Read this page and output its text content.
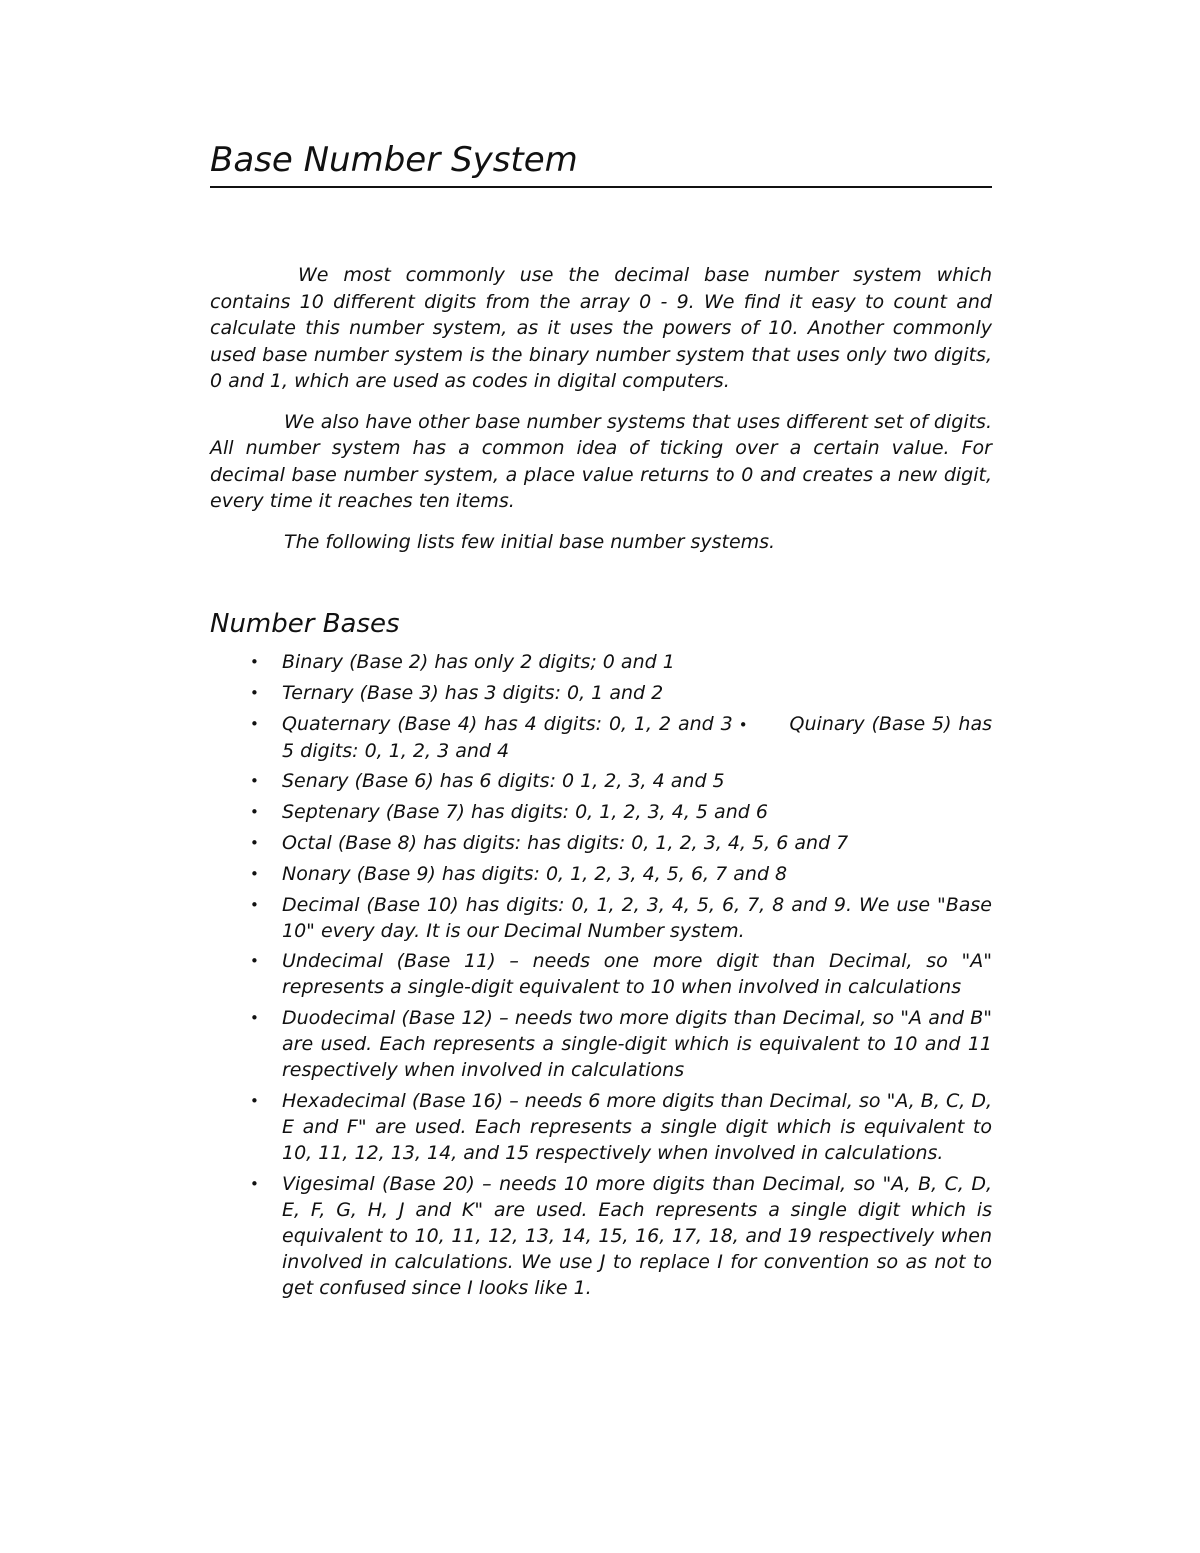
Base Number System

We most commonly use the decimal base number system which contains 10 different digits from the array 0 - 9. We find it easy to count and calculate this number system, as it uses the powers of 10. Another commonly used base number system is the binary number system that uses only two digits, 0 and 1, which are used as codes in digital computers.

We also have other base number systems that uses different set of digits. All number system has a common idea of ticking over a certain value. For decimal base number system, a place value returns to 0 and creates a new digit, every time it reaches ten items.

The following lists few initial base number systems.

Number Bases
• Binary (Base 2) has only 2 digits; 0 and 1
• Ternary (Base 3) has 3 digits: 0, 1 and 2
• Quaternary (Base 4) has 4 digits: 0, 1, 2 and 3 • Quinary (Base 5) has 5 digits: 0, 1, 2, 3 and 4
• Senary (Base 6) has 6 digits: 0 1, 2, 3, 4 and 5
• Septenary (Base 7) has digits: 0, 1, 2, 3, 4, 5 and 6
• Octal (Base 8) has digits: has digits: 0, 1, 2, 3, 4, 5, 6 and 7
• Nonary (Base 9) has digits: 0, 1, 2, 3, 4, 5, 6, 7 and 8
• Decimal (Base 10) has digits: 0, 1, 2, 3, 4, 5, 6, 7, 8 and 9. We use "Base 10" every day. It is our Decimal Number system.
• Undecimal (Base 11) – needs one more digit than Decimal, so "A" represents a single-digit equivalent to 10 when involved in calculations
• Duodecimal (Base 12) – needs two more digits than Decimal, so "A and B" are used. Each represents a single-digit which is equivalent to 10 and 11 respectively when involved in calculations
• Hexadecimal (Base 16) – needs 6 more digits than Decimal, so "A, B, C, D, E and F" are used. Each represents a single digit which is equivalent to 10, 11, 12, 13, 14, and 15 respectively when involved in calculations.
• Vigesimal (Base 20) – needs 10 more digits than Decimal, so "A, B, C, D, E, F, G, H, J and K" are used. Each represents a single digit which is equivalent to 10, 11, 12, 13, 14, 15, 16, 17, 18, and 19 respectively when involved in calculations. We use J to replace I for convention so as not to get confused since I looks like 1.
